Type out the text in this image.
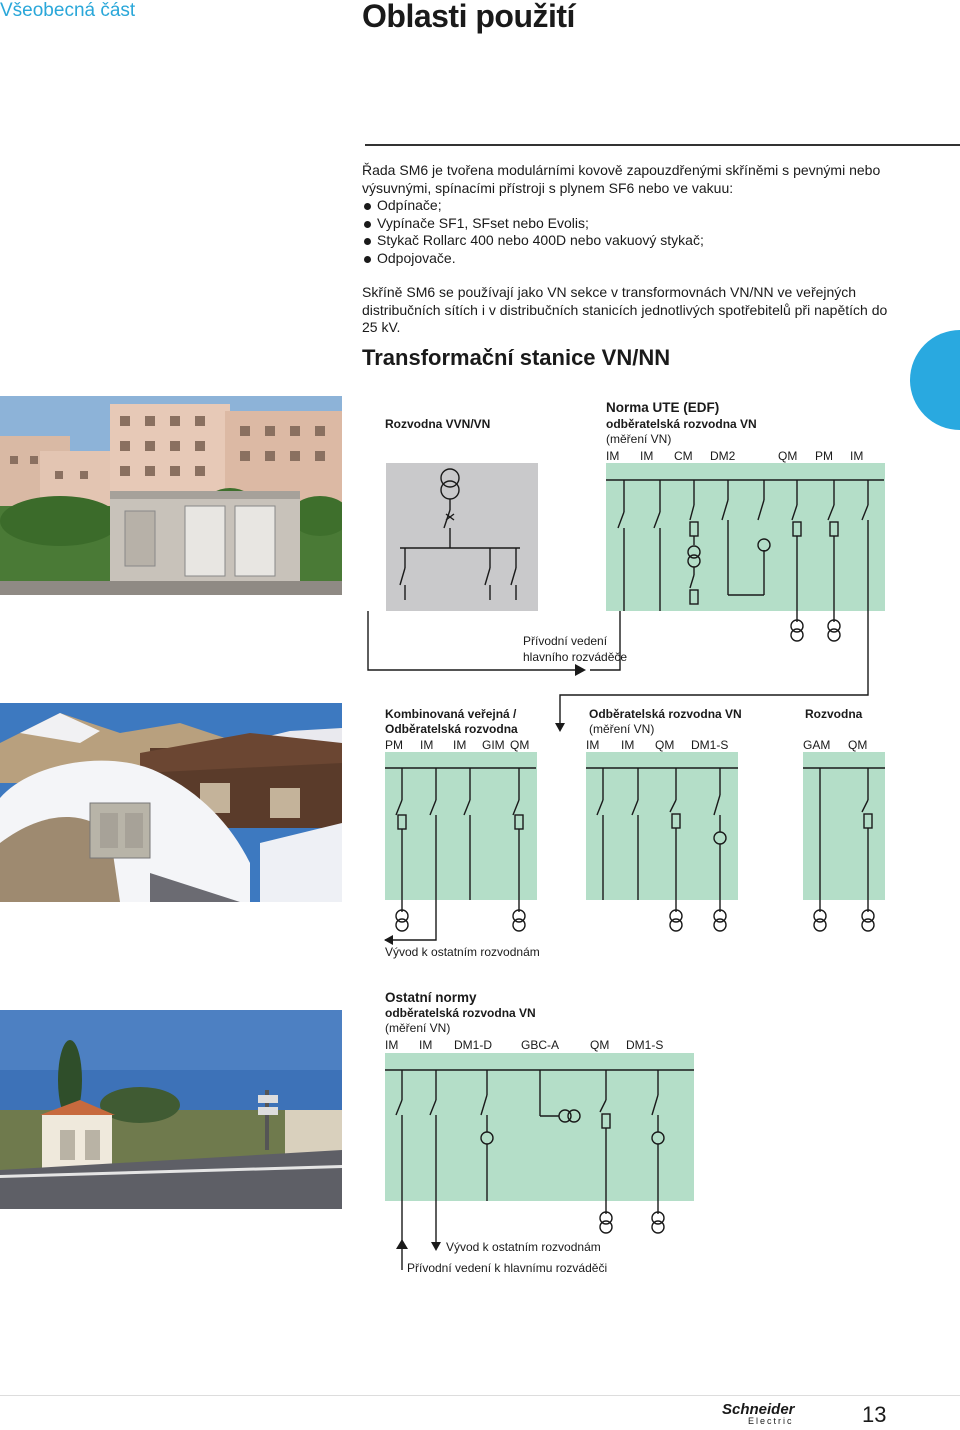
Všeobecná část	Oblasti použití

Řada SM6 je tvořena modulárními kovově zapouzdřenými skříněmi s pevnými nebo výsuvnými, spínacími přístroji s plynem SF6 nebo ve vakuu:

Odpínače;
Vypínače SF1, SFset nebo Evolis;
Stykač Rollarc 400 nebo 400D nebo vakuový stykač;
Odpojovače.

Skříně SM6 se používají jako VN sekce v transformovnách VN/NN ve veřejných distribučních sítích i v distribučních stanicích jednotlivých spotřebitelů při napětích do 25 kV.

Transformační stanice VN/NN
Rozvodna VVN/VN
Norma UTE (EDF)
odběratelská rozvodna VN
(měření VN)
IM IM CM DM2	QM PM IM
Přívodní vedení
hlavního rozváděče
Kombinovaná veřejná /
Odběratelská rozvodna
PM IM IM GIM QM
Odběratelská rozvodna VN
(měření VN)
IM IM QM DM1-S
Rozvodna
GAM QM
Vývod k ostatním rozvodnám
Ostatní normy
odběratelská rozvodna VN
(měření VN)
IM IM DM1-D GBC-A	QM DM1-S
Vývod k ostatním rozvodnám
Přívodní vedení k hlavnímu rozváděči
Schneider
Electric	13
